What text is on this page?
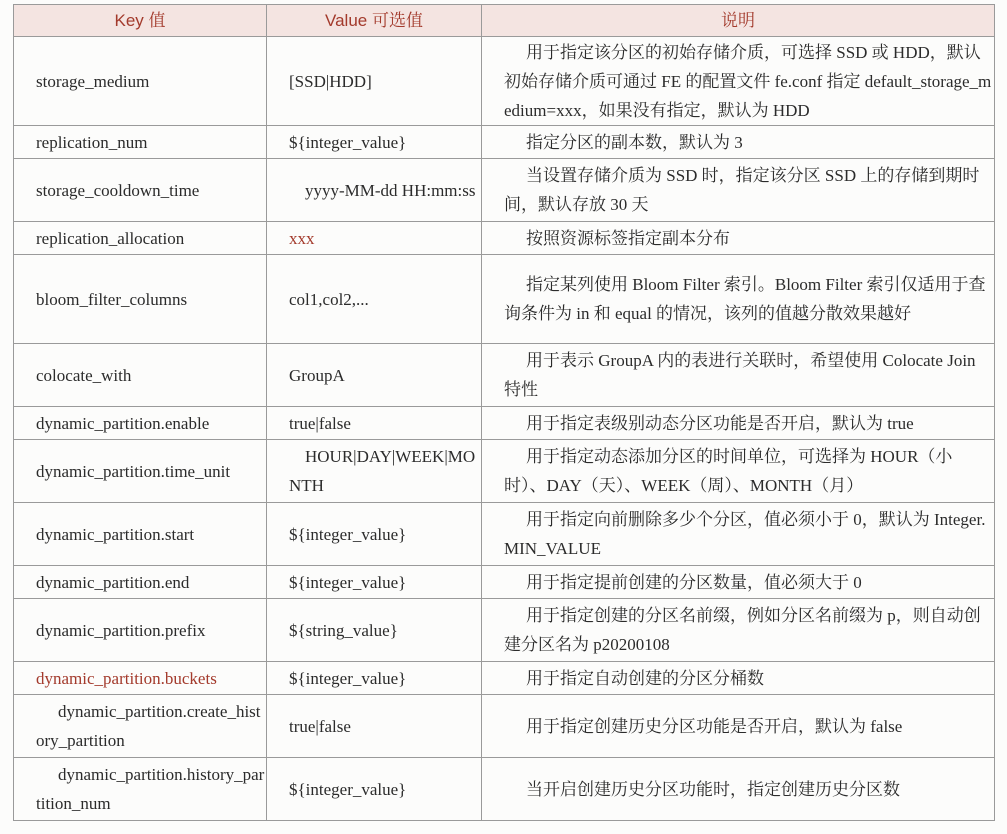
Key 值	Value 可选值	说明
storage_medium	[SSD|HDD]	用于指定该分区的初始存储介质，可选择 SSD 或 HDD，默认初始存储介质可通过 FE 的配置文件 fe.conf 指定 default_storage_medium=xxx，如果没有指定，默认为 HDD
replication_num	${integer_value}	指定分区的副本数，默认为 3
storage_cooldown_time	yyyy-MM-dd HH:mm:ss	当设置存储介质为 SSD 时，指定该分区 SSD 上的存储到期时间，默认存放 30 天
replication_allocation	xxx	按照资源标签指定副本分布
bloom_filter_columns	col1,col2,...	指定某列使用 Bloom Filter 索引。Bloom Filter 索引仅适用于查询条件为 in 和 equal 的情况，该列的值越分散效果越好
colocate_with	GroupA	用于表示 GroupA 内的表进行关联时，希望使用 Colocate Join 特性
dynamic_partition.enable	true|false	用于指定表级别动态分区功能是否开启，默认为 true
dynamic_partition.time_unit	HOUR|DAY|WEEK|MONTH	用于指定动态添加分区的时间单位，可选择为 HOUR（小时）、DAY（天）、WEEK（周）、MONTH（月）
dynamic_partition.start	${integer_value}	用于指定向前删除多少个分区，值必须小于 0，默认为 Integer.MIN_VALUE
dynamic_partition.end	${integer_value}	用于指定提前创建的分区数量，值必须大于 0
dynamic_partition.prefix	${string_value}	用于指定创建的分区名前缀，例如分区名前缀为 p，则自动创建分区名为 p20200108
dynamic_partition.buckets	${integer_value}	用于指定自动创建的分区分桶数
dynamic_partition.create_history_partition	true|false	用于指定创建历史分区功能是否开启，默认为 false
dynamic_partition.history_partition_num	${integer_value}	当开启创建历史分区功能时，指定创建历史分区数
